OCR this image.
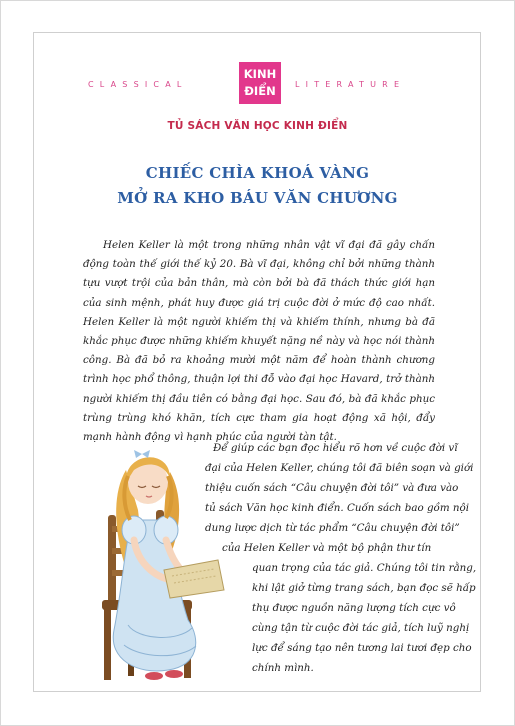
CLASSICAL
KINH
ĐIỂN	LITERATURE
TỦ SÁCH VĂN HỌC KINH ĐIỂN
CHIẾC CHÌA KHOÁ VÀNG
MỞ RA KHO BÁU VĂN CHƯƠNG

Helen Keller là một trong những nhân vật vĩ đại đã gây chấn động toàn thế giới thế kỷ 20. Bà vĩ đại, không chỉ bởi những thành tựu vượt trội của bản thân, mà còn bởi bà đã thách thức giới hạn của sinh mệnh, phát huy được giá trị cuộc đời ở mức độ cao nhất. Helen Keller là một người khiếm thị và khiếm thính, nhưng bà đã khắc phục được những khiếm khuyết nặng nề này và học nói thành công. Bà đã bỏ ra khoảng mười một năm để hoàn thành chương trình học phổ thông, thuận lợi thi đỗ vào đại học Havard, trở thành người khiếm thị đầu tiên có bằng đại học. Sau đó, bà đã khắc phục trùng trùng khó khăn, tích cực tham gia hoạt động xã hội, đẩy mạnh hành động vì hạnh phúc của người tàn tật.

Để giúp các bạn đọc hiểu rõ hơn về cuộc đời vĩ
đại của Helen Keller, chúng tôi đã biên soạn và giới
thiệu cuốn sách “Câu chuyện đời tôi” và đưa vào
tủ sách Văn học kinh điển. Cuốn sách bao gồm nội
dung lược dịch từ tác phẩm “Câu chuyện đời tôi”
của Helen Keller và một bộ phận thư tín
quan trọng của tác giả. Chúng tôi tin rằng,
khi lật giở từng trang sách, bạn đọc sẽ hấp
thụ được nguồn năng lượng tích cực vô
cùng tận từ cuộc đời tác giả, tích luỹ nghị
lực để sáng tạo nên tương lai tươi đẹp cho
chính mình.
